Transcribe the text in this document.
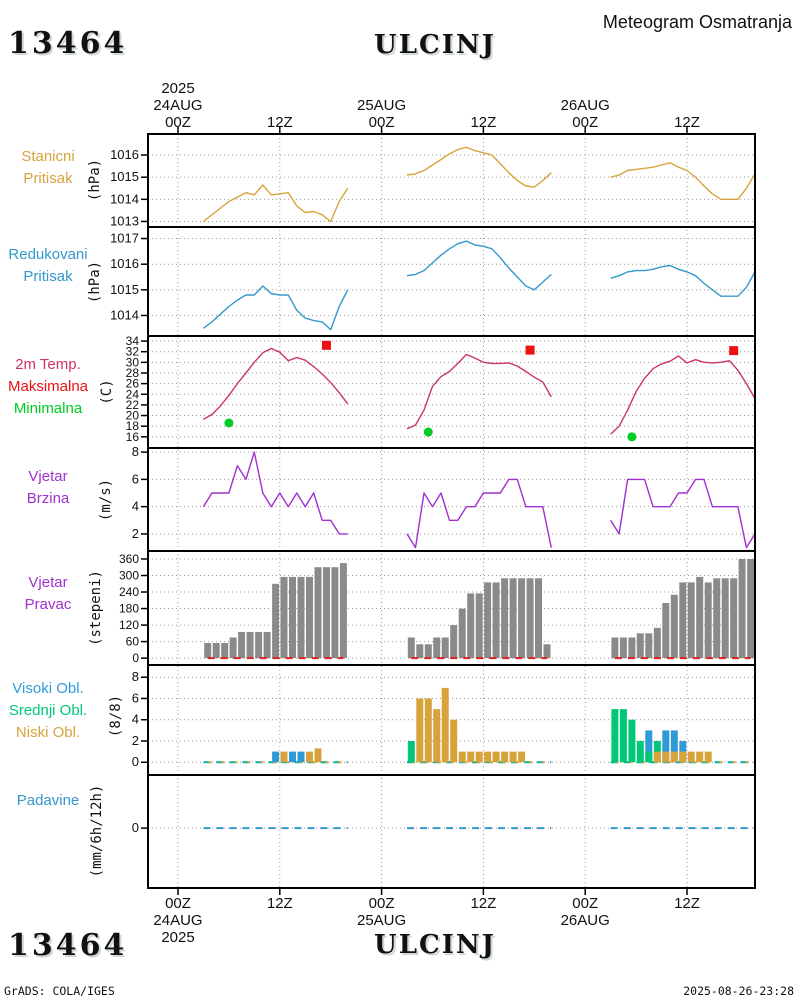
00Z
00Z
24AUG
24AUG
2025
2025
12Z
12Z
00Z
00Z
25AUG
25AUG
12Z
12Z
00Z
00Z
26AUG
26AUG
12Z
12Z
1013
1014
1015
1016
1014
1015
1016
1017
16
18
20
22
24
26
28
30
32
34
2
4
6
8
0
60
120
180
240
300
360
0
2
4
6
8
0
13464	ULCINJ
Meteogram Osmatranja
Stanicni
Pritisak
Redukovani
Pritisak
2m Temp.
Maksimalna
Minimalna
Vjetar
Brzina
Vjetar
Pravac
Visoki Obl.
Srednji Obl.
Niski Obl.
Padavine
(hPa)
(hPa)
(C)
(m/s)
(stepeni)
(8/8)
(mm/6h/12h)
13464	ULCINJ
GrADS: COLA/IGES	2025-08-26-23:28
